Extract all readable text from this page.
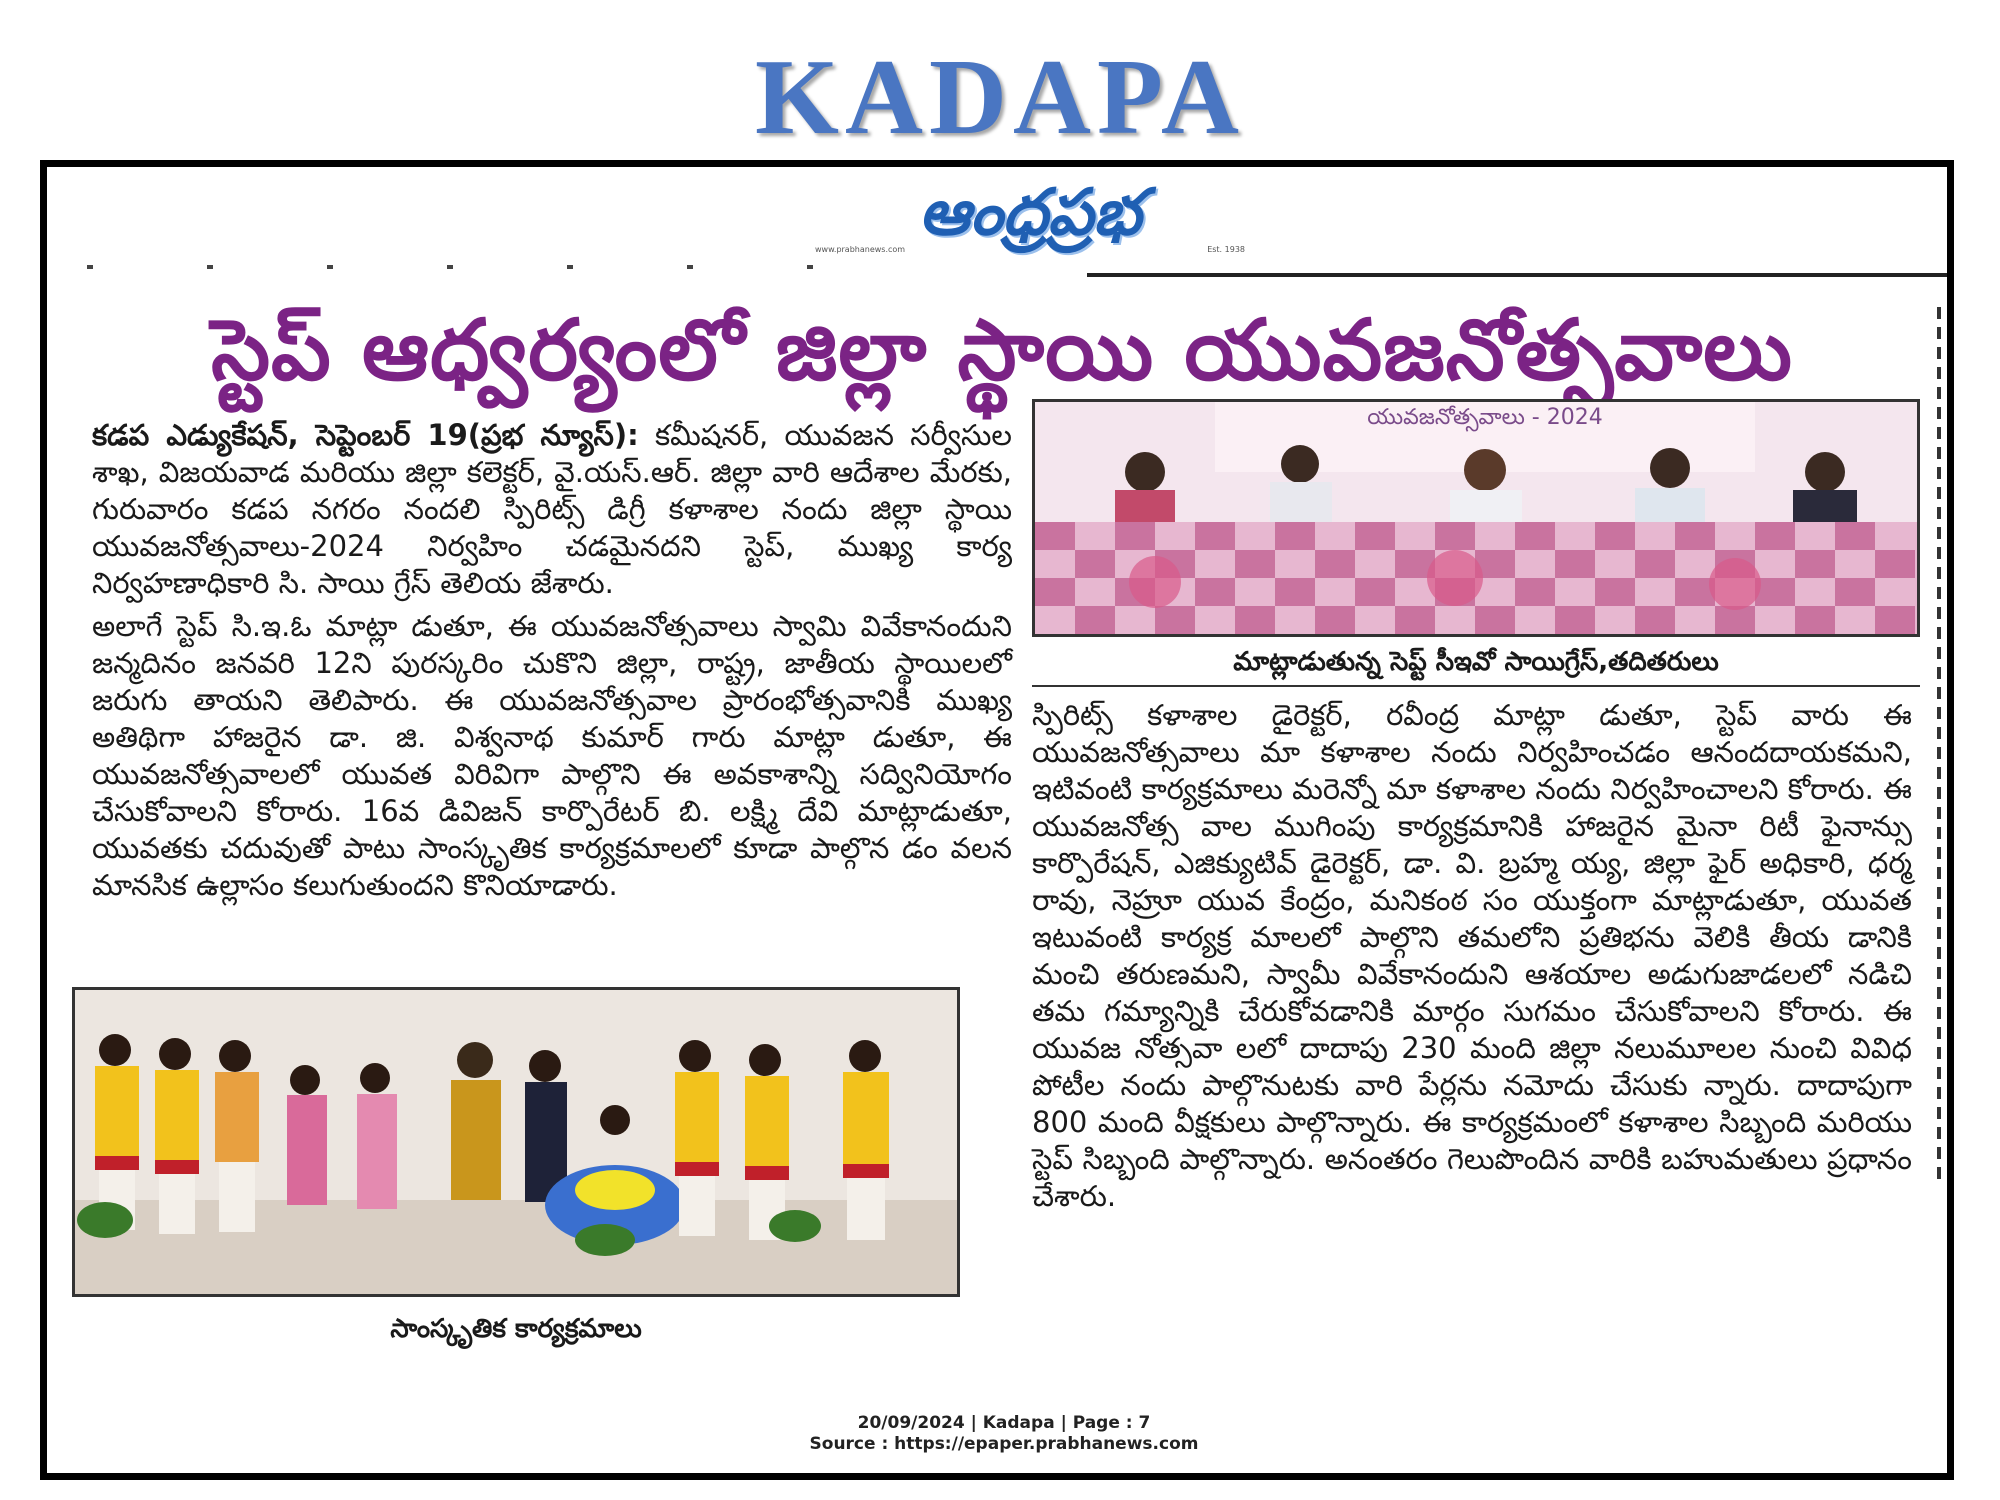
KADAPA
ఆంధ్రప్రభ
www.prabhanews.com	Est. 1938
స్టెప్ ఆధ్వర్యంలో జిల్లా స్థాయి యువజనోత్సవాలు

కడప ఎడ్యుకేషన్, సెప్టెంబర్ 19(ప్రభ న్యూస్): కమీషనర్, యువజన సర్వీసుల శాఖ, విజయవాడ మరియు జిల్లా కలెక్టర్, వై.యస్.ఆర్. జిల్లా వారి ఆదేశాల మేరకు, గురువారం కడప నగరం నందలి స్పిరిట్స్ డిగ్రీ కళాశాల నందు జిల్లా స్థాయి యువజనోత్సవాలు-2024 నిర్వహిం చడమైనదని స్టెప్, ముఖ్య కార్య నిర్వహణాధికారి సి. సాయి గ్రేస్ తెలియ జేశారు.

అలాగే స్టెప్ సి.ఇ.ఓ మాట్లా డుతూ, ఈ యువజనోత్సవాలు స్వామి వివేకానందుని జన్మదినం జనవరి 12ని పురస్కరిం చుకొని జిల్లా, రాష్ట్ర, జాతీయ స్థాయిలలో జరుగు తాయని తెలిపారు. ఈ యువజనోత్సవాల ప్రారంభోత్సవానికి ముఖ్య అతిథిగా హాజరైన డా. జి. విశ్వనాథ కుమార్ గారు మాట్లా డుతూ, ఈ యువజనోత్సవాలలో యువత విరివిగా పాల్గొని ఈ అవకాశాన్ని సద్వినియోగం చేసుకోవాలని కోరారు. 16వ డివిజన్ కార్పొరేటర్ బి. లక్ష్మి దేవి మాట్లాడుతూ, యువతకు చదువుతో పాటు సాంస్కృతిక కార్యక్రమాలలో కూడా పాల్గొన డం వలన మానసిక ఉల్లాసం కలుగుతుందని కొనియాడారు.

యువజనోత్సవాలు - 2024
మాట్లాడుతున్న సెప్ట్ సీఇవో సాయిగ్రేస్,తదితరులు

స్పిరిట్స్ కళాశాల డైరెక్టర్, రవీంద్ర మాట్లా డుతూ, స్టెప్ వారు ఈ యువజనోత్సవాలు మా కళాశాల నందు నిర్వహించడం ఆనందదాయకమని, ఇటివంటి కార్యక్రమాలు మరెన్నో మా కళాశాల నందు నిర్వహించాలని కోరారు. ఈ యువజనోత్స వాల ముగింపు కార్యక్రమానికి హాజరైన మైనా రిటీ ఫైనాన్సు కార్పొరేషన్, ఎజిక్యుటివ్ డైరెక్టర్, డా. వి. బ్రహ్మ య్య, జిల్లా ఫైర్ అధికారి, ధర్మ రావు, నెహ్రూ యువ కేంద్రం, మనికంఠ సం యుక్తంగా మాట్లాడుతూ, యువత ఇటువంటి కార్యక్ర మాలలో పాల్గొని తమలోని ప్రతిభను వెలికి తీయ డానికి మంచి తరుణమని, స్వామీ వివేకానందుని ఆశయాల అడుగుజాడలలో నడిచి తమ గమ్యాన్నికి చేరుకోవడానికి మార్గం సుగమం చేసుకోవాలని కోరారు. ఈ యువజ నోత్సవా లలో దాదాపు 230 మంది జిల్లా నలుమూలల నుంచి వివిధ పోటీల నందు పాల్గొనుటకు వారి పేర్లను నమోదు చేసుకు న్నారు. దాదాపుగా 800 మంది వీక్షకులు పాల్గొన్నారు. ఈ కార్యక్రమంలో కళాశాల సిబ్బంది మరియు స్టెప్ సిబ్బంది పాల్గొన్నారు. అనంతరం గెలుపొందిన వారికి బహుమతులు ప్రధానం చేశారు.

సాంస్కృతిక కార్యక్రమాలు
20/09/2024 | Kadapa | Page : 7
Source : https://epaper.prabhanews.com
